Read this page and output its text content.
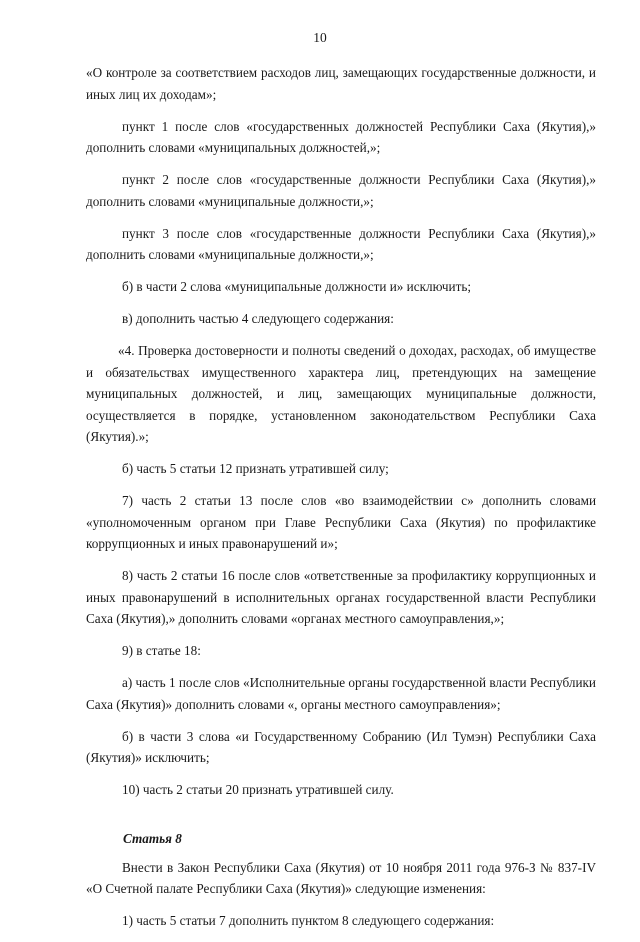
10

«О контроле за соответствием расходов лиц, замещающих государственные должности, и иных лиц их доходам»;

пункт 1 после слов «государственных должностей Республики Саха (Якутия),» дополнить словами «муниципальных должностей,»;

пункт 2 после слов «государственные должности Республики Саха (Якутия),» дополнить словами «муниципальные должности,»;

пункт 3 после слов «государственные должности Республики Саха (Якутия),» дополнить словами «муниципальные должности,»;

б) в части 2 слова «муниципальные должности и» исключить;

в) дополнить частью 4 следующего содержания:

«4. Проверка достоверности и полноты сведений о доходах, расходах, об имуществе и обязательствах имущественного характера лиц, претендующих на замещение муниципальных должностей, и лиц, замещающих муниципальные должности, осуществляется в порядке, установленном законодательством Республики Саха (Якутия).»;

б) часть 5 статьи 12 признать утратившей силу;

7) часть 2 статьи 13 после слов «во взаимодействии с» дополнить словами «уполномоченным органом при Главе Республики Саха (Якутия) по профилактике коррупционных и иных правонарушений и»;

8) часть 2 статьи 16 после слов «ответственные за профилактику коррупционных и иных правонарушений в исполнительных органах государственной власти Республики Саха (Якутия),» дополнить словами «органах местного самоуправления,»;

9) в статье 18:

а) часть 1 после слов «Исполнительные органы государственной власти Республики Саха (Якутия)» дополнить словами «, органы местного самоуправления»;

б) в части 3 слова «и Государственному Собранию (Ил Тумэн) Республики Саха (Якутия)» исключить;

10) часть 2 статьи 20 признать утратившей силу.

Статья 8

Внести в Закон Республики Саха (Якутия) от 10 ноября 2011 года 976-З № 837-IV «О Счетной палате Республики Саха (Якутия)» следующие изменения:

1) часть 5 статьи 7 дополнить пунктом 8 следующего содержания:
